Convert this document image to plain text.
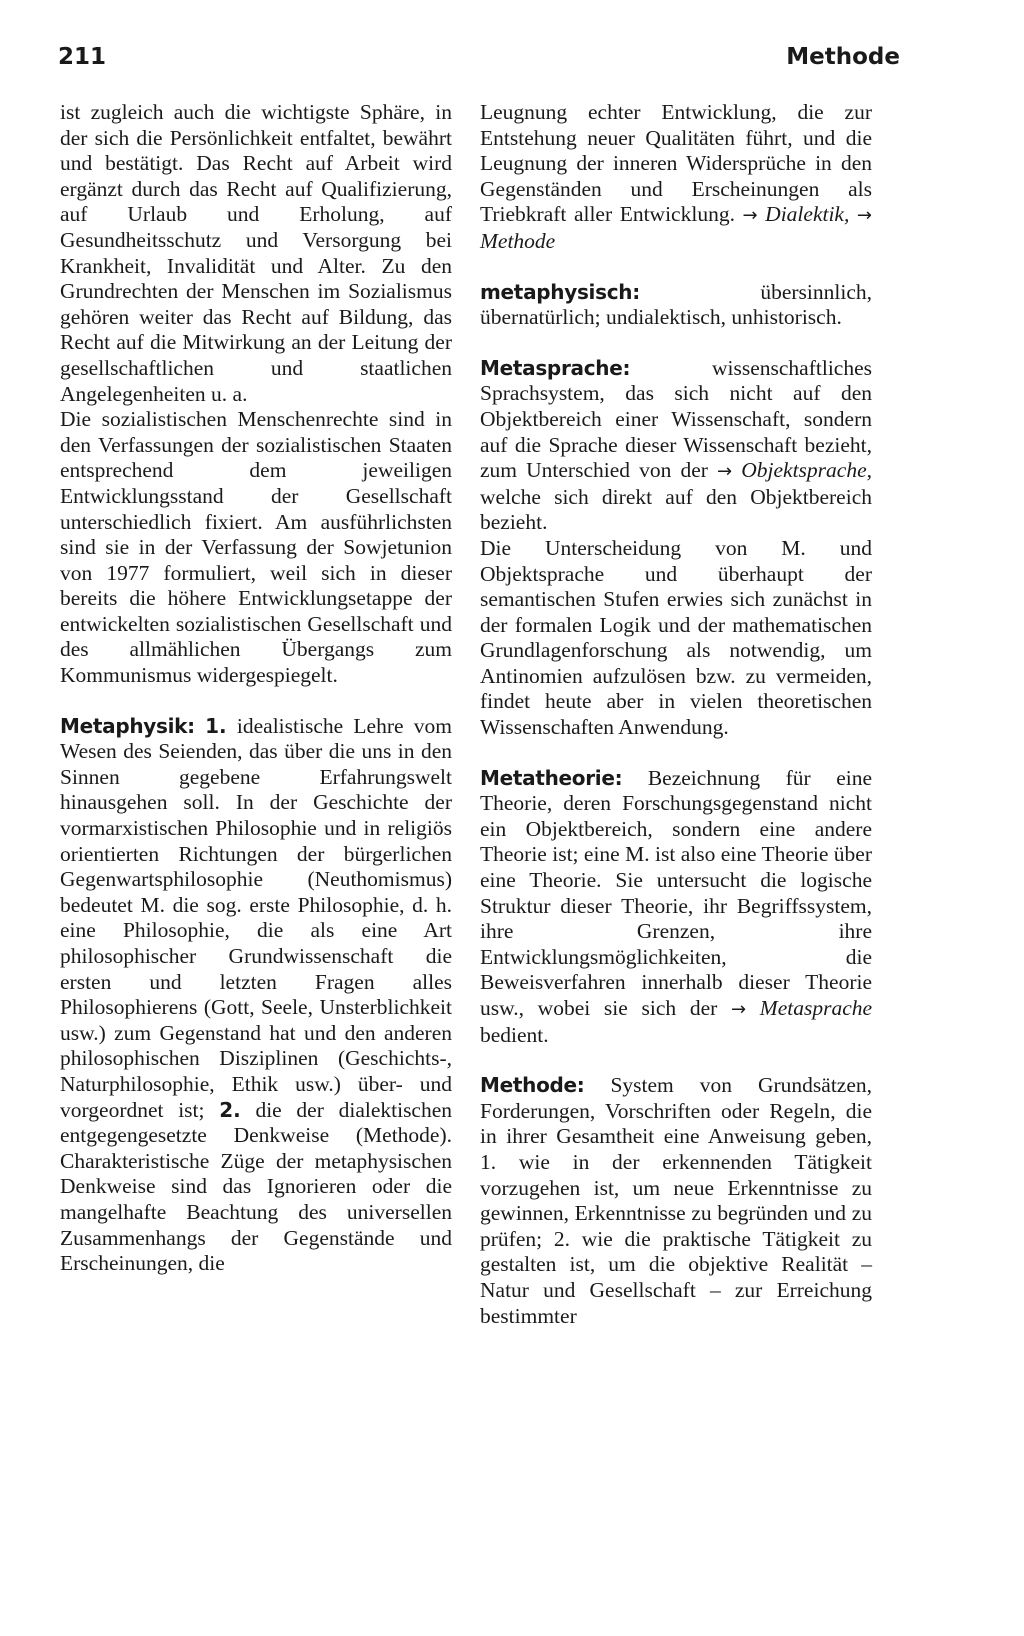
211	Methode

ist zugleich auch die wichtigste Sphäre, in der sich die Persönlichkeit entfaltet, bewährt und bestätigt. Das Recht auf Arbeit wird ergänzt durch das Recht auf Qualifizierung, auf Urlaub und Erholung, auf Gesundheitsschutz und Versorgung bei Krankheit, Invalidität und Alter. Zu den Grundrechten der Menschen im Sozialismus gehören weiter das Recht auf Bildung, das Recht auf die Mitwirkung an der Leitung der gesellschaftlichen und staatlichen Angelegenheiten u. a.

Die sozialistischen Menschenrechte sind in den Verfassungen der sozialistischen Staaten entsprechend dem jeweiligen Entwicklungsstand der Gesellschaft unterschiedlich fixiert. Am ausführlichsten sind sie in der Verfassung der Sowjetunion von 1977 formuliert, weil sich in dieser bereits die höhere Entwicklungsetappe der entwickelten sozialistischen Gesellschaft und des allmählichen Übergangs zum Kommunismus widergespiegelt.

Metaphysik: 1. idealistische Lehre vom Wesen des Seienden, das über die uns in den Sinnen gegebene Erfahrungswelt hinausgehen soll. In der Geschichte der vormarxistischen Philosophie und in religiös orientierten Richtungen der bürgerlichen Gegenwartsphilosophie (Neuthomismus) bedeutet M. die sog. erste Philosophie, d. h. eine Philosophie, die als eine Art philosophischer Grundwissenschaft die ersten und letzten Fragen alles Philosophierens (Gott, Seele, Unsterblichkeit usw.) zum Gegenstand hat und den anderen philosophischen Disziplinen (Geschichts-, Naturphilosophie, Ethik usw.) über- und vorgeordnet ist; 2. die der dialektischen entgegengesetzte Denkweise (Methode). Charakteristische Züge der metaphysischen Denkweise sind das Ignorieren oder die mangelhafte Beachtung des universellen Zusammenhangs der Gegenstände und Erscheinungen, die

Leugnung echter Entwicklung, die zur Entstehung neuer Qualitäten führt, und die Leugnung der inneren Widersprüche in den Gegenständen und Erscheinungen als Triebkraft aller Entwicklung. → Dialektik, → Methode

metaphysisch:	übersinnlich, übernatürlich; undialektisch, unhistorisch.

Metasprache:	wissenschaftliches Sprachsystem, das sich nicht auf den Objektbereich einer Wissenschaft, sondern auf die Sprache dieser Wissenschaft bezieht, zum Unterschied von der → Objektsprache, welche sich direkt auf den Objektbereich bezieht.

Die Unterscheidung von M. und Objektsprache und überhaupt der semantischen Stufen erwies sich zunächst in der formalen Logik und der mathematischen Grundlagenforschung als notwendig, um Antinomien aufzulösen bzw. zu vermeiden, findet heute aber in vielen theoretischen Wissenschaften Anwendung.

Metatheorie: Bezeichnung für eine Theorie, deren Forschungsgegenstand nicht ein Objektbereich, sondern eine andere Theorie ist; eine M. ist also eine Theorie über eine Theorie. Sie untersucht die logische Struktur dieser Theorie, ihr Begriffssystem, ihre Grenzen, ihre Entwicklungsmöglichkeiten, die Beweisverfahren innerhalb dieser Theorie usw., wobei sie sich der → Metasprache bedient.

Methode: System von Grundsätzen, Forderungen, Vorschriften oder Regeln, die in ihrer Gesamtheit eine Anweisung geben, 1. wie in der erkennenden Tätigkeit vorzugehen ist, um neue Erkenntnisse zu gewinnen, Erkenntnisse zu begründen und zu prüfen; 2. wie die praktische Tätigkeit zu gestalten ist, um die objektive Realität – Natur und Gesellschaft – zur Erreichung bestimmter
